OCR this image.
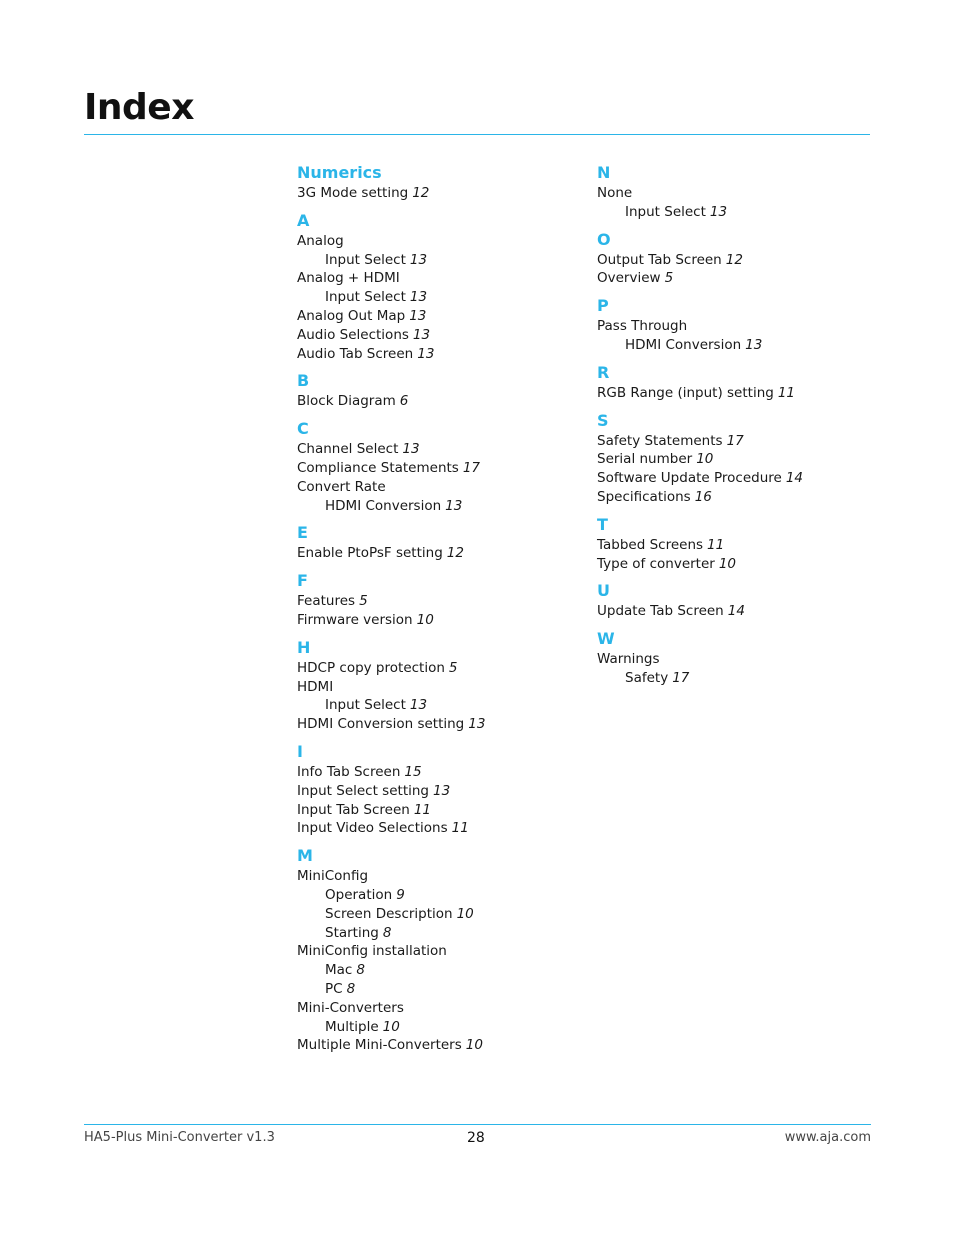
Index
Numerics
3G Mode setting 12
A
Analog
Input Select 13
Analog + HDMI
Input Select 13
Analog Out Map 13
Audio Selections 13
Audio Tab Screen 13
B
Block Diagram 6
C
Channel Select 13
Compliance Statements 17
Convert Rate
HDMI Conversion 13
E
Enable PtoPsF setting 12
F
Features 5
Firmware version 10
H
HDCP copy protection 5
HDMI
Input Select 13
HDMI Conversion setting 13
I
Info Tab Screen 15
Input Select setting 13
Input Tab Screen 11
Input Video Selections 11
M
MiniConfig
Operation 9
Screen Description 10
Starting 8
MiniConfig installation
Mac 8
PC 8
Mini-Converters
Multiple 10
Multiple Mini-Converters 10
N
None
Input Select 13
O
Output Tab Screen 12
Overview 5
P
Pass Through
HDMI Conversion 13
R
RGB Range (input) setting 11
S
Safety Statements 17
Serial number 10
Software Update Procedure 14
Specifications 16
T
Tabbed Screens 11
Type of converter 10
U
Update Tab Screen 14
W
Warnings
Safety 17
HA5-Plus Mini-Converter v1.3	28	www.aja.com
